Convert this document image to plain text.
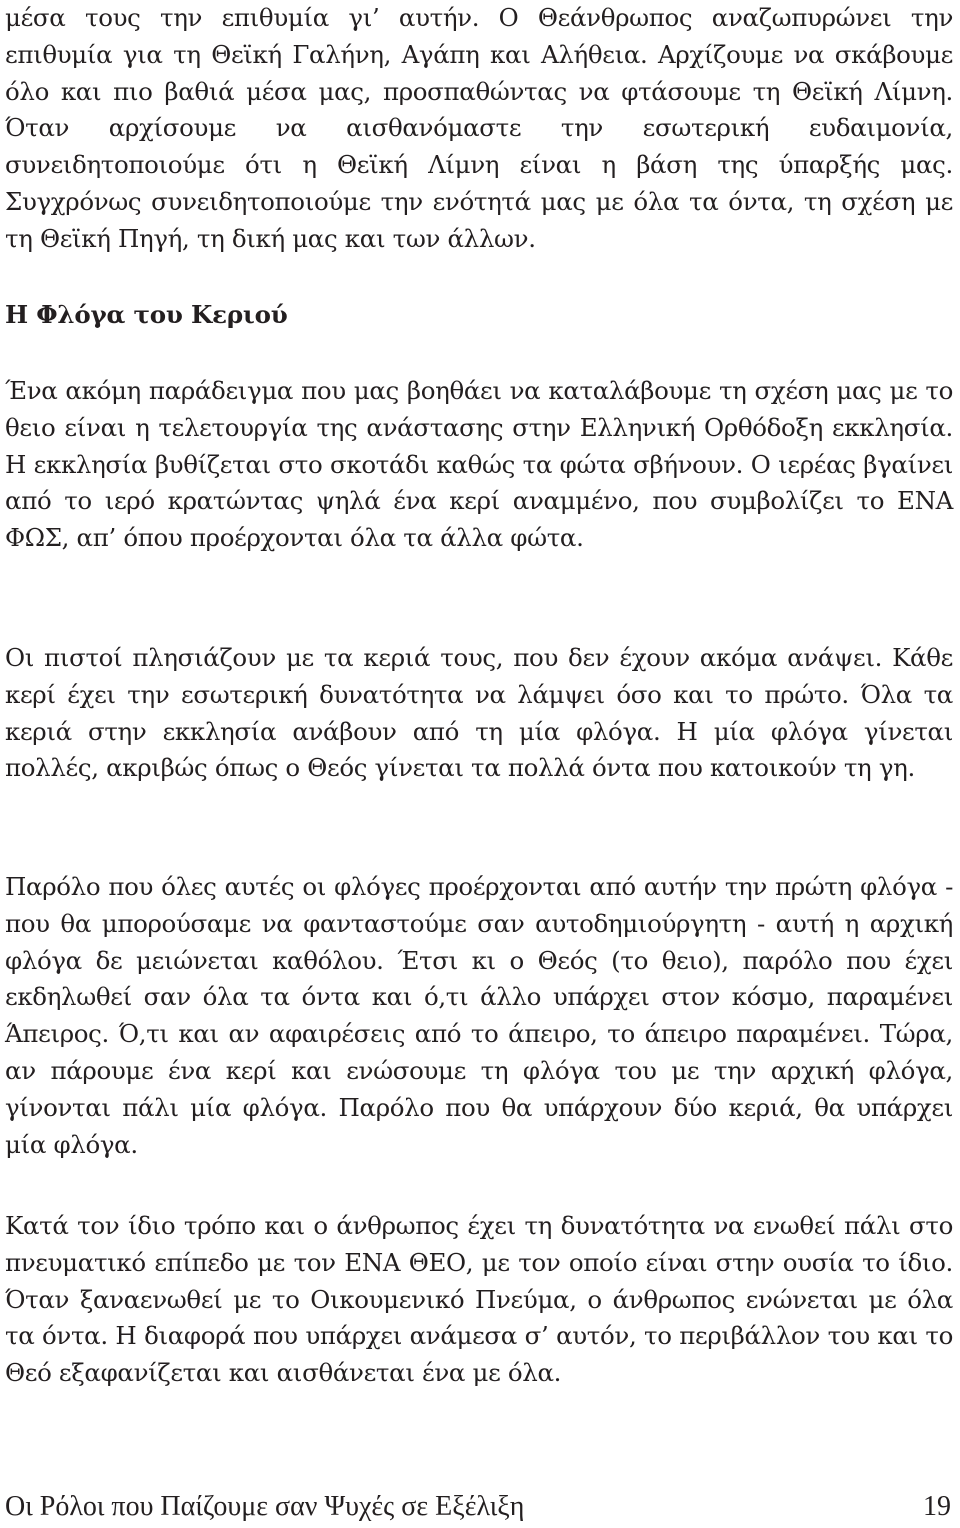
μέσα τους την επιθυμία γι’ αυτήν. Ο Θεάνθρωπος αναζωπυρώνει την επιθυμία για τη Θεϊκή Γαλήνη, Αγάπη και Αλήθεια. Αρχίζουμε να σκάβουμε όλο και πιο βαθιά μέσα μας, προσπαθώντας να φτάσουμε τη Θεϊκή Λίμνη. Όταν αρχίσουμε να αισθανόμαστε την εσωτερική ευδαιμονία, συνειδητοποιούμε ότι η Θεϊκή Λίμνη είναι η βάση της ύπαρξής μας. Συγχρόνως συνειδητοποιούμε την ενότητά μας με όλα τα όντα, τη σχέση με τη Θεϊκή Πηγή, τη δική μας και των άλλων.

Η Φλόγα του Κεριού

Ένα ακόμη παράδειγμα που μας βοηθάει να καταλάβουμε τη σχέση μας με το θειο είναι η τελετουργία της ανάστασης στην Ελληνική Ορθόδοξη εκκλησία. Η εκκλησία βυθίζεται στο σκοτάδι καθώς τα φώτα σβήνουν. Ο ιερέας βγαίνει από το ιερό κρατώντας ψηλά ένα κερί αναμμένο, που συμβολίζει το ΕΝΑ ΦΩΣ, απ’ όπου προέρχονται όλα τα άλλα φώτα.

Οι πιστοί πλησιάζουν με τα κεριά τους, που δεν έχουν ακόμα ανάψει. Κάθε κερί έχει την εσωτερική δυνατότητα να λάμψει όσο και το πρώτο. Όλα τα κεριά στην εκκλησία ανάβουν από τη μία φλόγα. Η μία φλόγα γίνεται πολλές, ακριβώς όπως ο Θεός γίνεται τα πολλά όντα που κατοικούν τη γη.

Παρόλο που όλες αυτές οι φλόγες προέρχονται από αυτήν την πρώτη φλόγα - που θα μπορούσαμε να φανταστούμε σαν αυτοδημιούργητη - αυτή η αρχική φλόγα δε μειώνεται καθόλου. Έτσι κι ο Θεός (το θειο), παρόλο που έχει εκδηλωθεί σαν όλα τα όντα και ό,τι άλλο υπάρχει στον κόσμο, παραμένει Άπειρος. Ό,τι και αν αφαιρέσεις από το άπειρο, το άπειρο παραμένει. Τώρα, αν πάρουμε ένα κερί και ενώσουμε τη φλόγα του με την αρχική φλόγα, γίνονται πάλι μία φλόγα. Παρόλο που θα υπάρχουν δύο κεριά, θα υπάρχει μία φλόγα.

Κατά τον ίδιο τρόπο και ο άνθρωπος έχει τη δυνατότητα να ενωθεί πάλι στο πνευματικό επίπεδο με τον ΕΝΑ ΘΕΟ, με τον οποίο είναι στην ουσία το ίδιο. Όταν ξαναενωθεί με το Οικουμενικό Πνεύμα, ο άνθρωπος ενώνεται με όλα τα όντα. Η διαφορά που υπάρχει ανάμεσα σ’ αυτόν, το περιβάλλον του και το Θεό εξαφανίζεται και αισθάνεται ένα με όλα.

Οι Ρόλοι που Παίζουμε σαν Ψυχές σε Εξέλιξη	19
